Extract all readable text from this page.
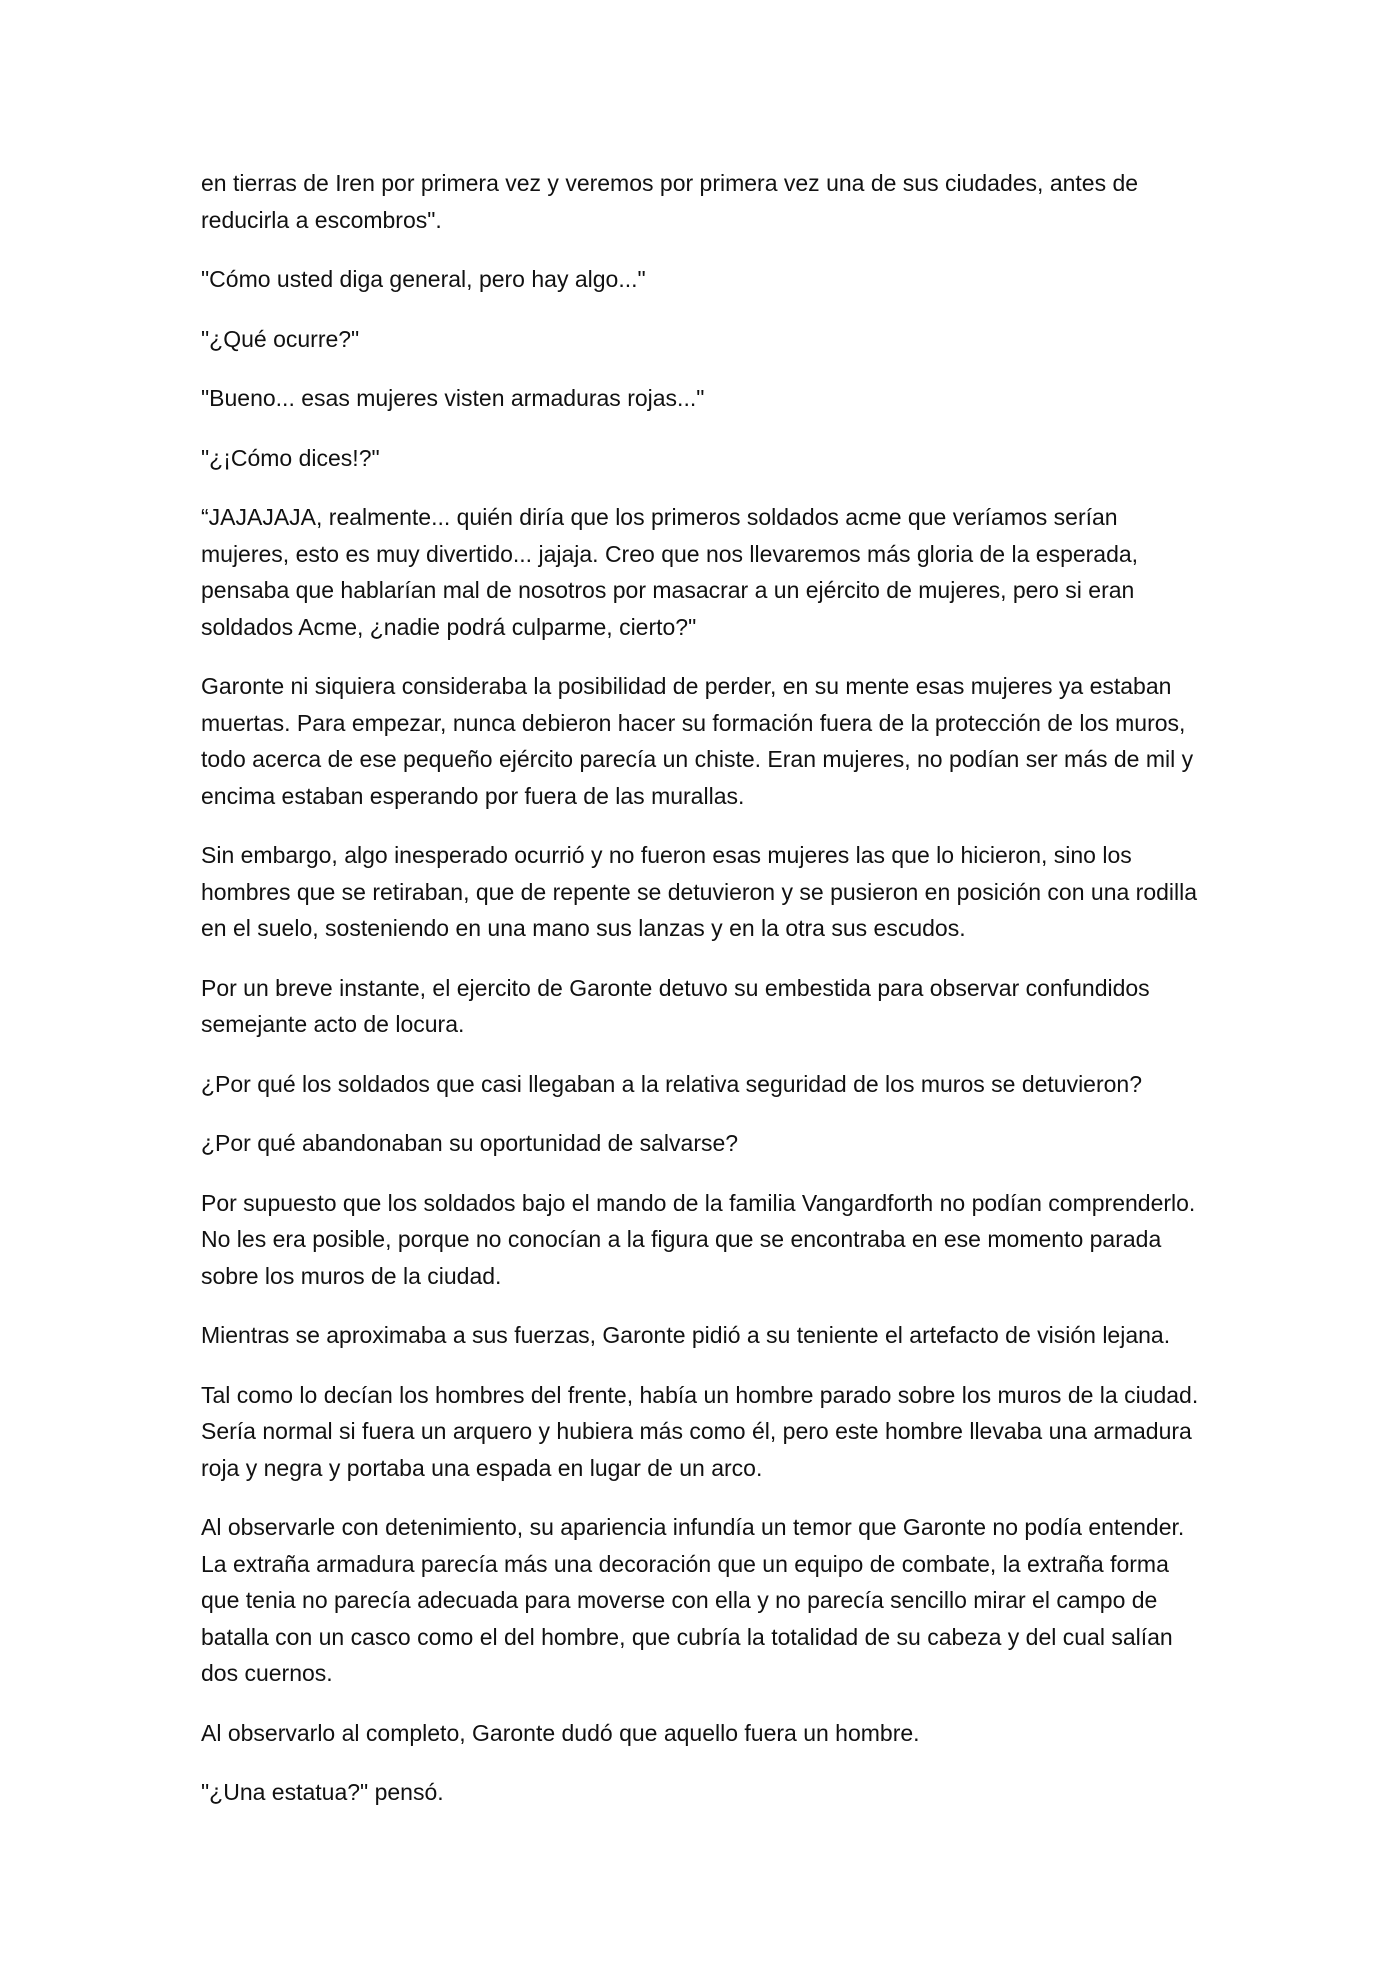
en tierras de Iren por primera vez y veremos por primera vez una de sus ciudades, antes de reducirla a escombros".

"Cómo usted diga general, pero hay algo..."

"¿Qué ocurre?"

"Bueno... esas mujeres visten armaduras rojas..."

"¿¡Cómo dices!?"

“JAJAJAJA, realmente... quién diría que los primeros soldados acme que veríamos serían mujeres, esto es muy divertido... jajaja. Creo que nos llevaremos más gloria de la esperada, pensaba que hablarían mal de nosotros por masacrar a un ejército de mujeres, pero si eran soldados Acme, ¿nadie podrá culparme, cierto?"

Garonte ni siquiera consideraba la posibilidad de perder, en su mente esas mujeres ya estaban muertas. Para empezar, nunca debieron hacer su formación fuera de la protección de los muros, todo acerca de ese pequeño ejército parecía un chiste. Eran mujeres, no podían ser más de mil y encima estaban esperando por fuera de las murallas.

Sin embargo, algo inesperado ocurrió y no fueron esas mujeres las que lo hicieron, sino los hombres que se retiraban, que de repente se detuvieron y se pusieron en posición con una rodilla en el suelo, sosteniendo en una mano sus lanzas y en la otra sus escudos.

Por un breve instante, el ejercito de Garonte detuvo su embestida para observar confundidos semejante acto de locura.

¿Por qué los soldados que casi llegaban a la relativa seguridad de los muros se detuvieron?

¿Por qué abandonaban su oportunidad de salvarse?

Por supuesto que los soldados bajo el mando de la familia Vangardforth no podían comprenderlo. No les era posible, porque no conocían a la figura que se encontraba en ese momento parada sobre los muros de la ciudad.

Mientras se aproximaba a sus fuerzas, Garonte pidió a su teniente el artefacto de visión lejana.

Tal como lo decían los hombres del frente, había un hombre parado sobre los muros de la ciudad. Sería normal si fuera un arquero y hubiera más como él, pero este hombre llevaba una armadura roja y negra y portaba una espada en lugar de un arco.

Al observarle con detenimiento, su apariencia infundía un temor que Garonte no podía entender. La extraña armadura parecía más una decoración que un equipo de combate, la extraña forma que tenia no parecía adecuada para moverse con ella y no parecía sencillo mirar el campo de batalla con un casco como el del hombre, que cubría la totalidad de su cabeza y del cual salían dos cuernos.

Al observarlo al completo, Garonte dudó que aquello fuera un hombre.

"¿Una estatua?" pensó.
